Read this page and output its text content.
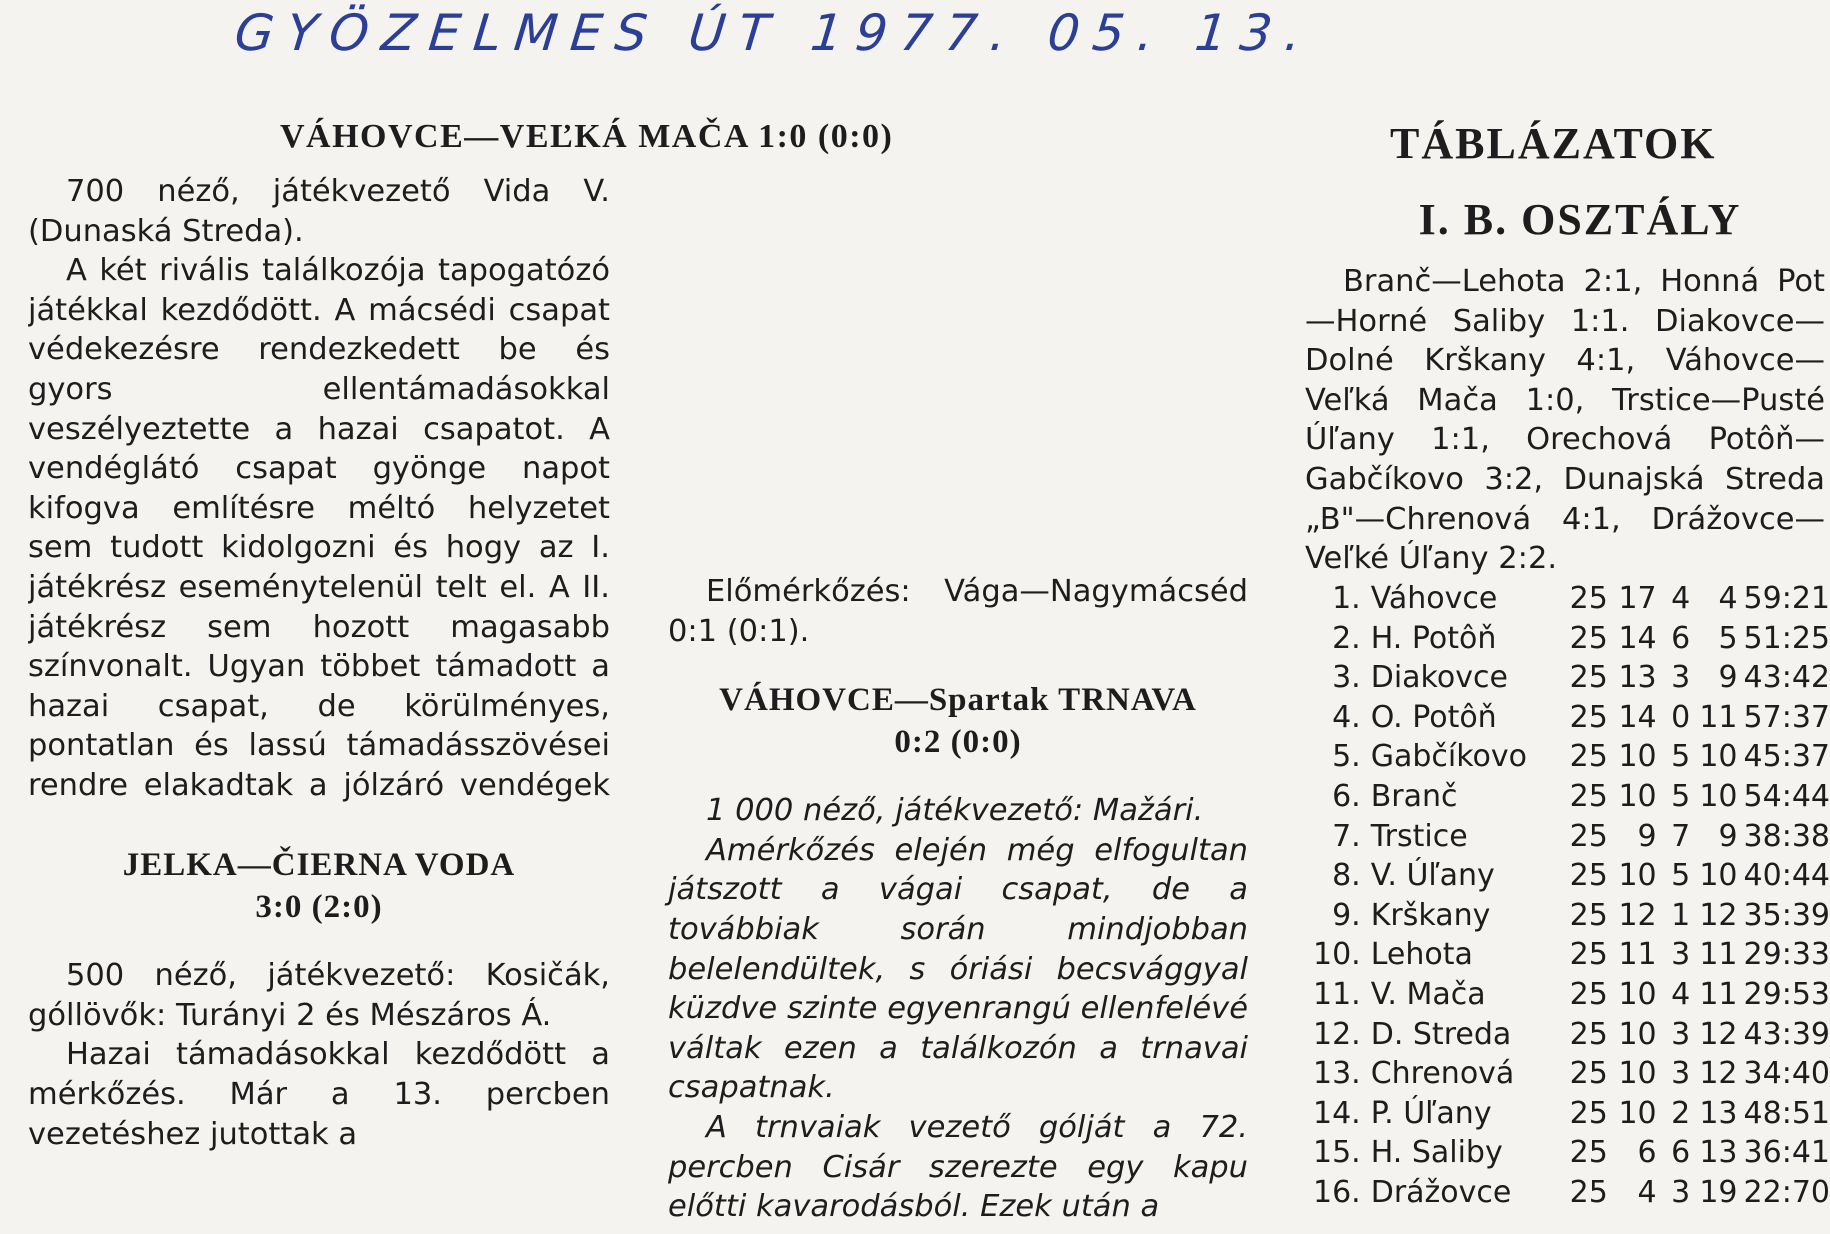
GYÖZELMES ÚT 1977. 05. 13.
VÁHOVCE—VEĽKÁ MAČA 1:0 (0:0)

700 néző, játékvezető Vida V. (Dunaská Streda).

A két rivális találkozója tapogatózó játékkal kezdődött. A mácsédi csapat védekezésre rendezkedett be és gyors ellentámadásokkal veszélyeztette a hazai csapatot. A vendéglátó csapat gyönge napot kifogva említésre méltó helyzetet sem tudott kidolgozni és hogy az I. játékrész eseménytelenül telt el. A II. játékrész sem hozott magasabb színvonalt. Ugyan többet támadott a hazai csapat, de körülményes, pontatlan és lassú támadásszövései rendre elakadtak a jólzáró vendégek

JELKA—ČIERNA VODA

3:0 (2:0)

500 néző, játékvezető: Kosičák, góllövők: Turányi 2 és Mészáros Á.

Hazai támadásokkal kezdődött a mérkőzés. Már a 13. percben vezetéshez jutottak a

Előmérkőzés: Vága—Nagymácséd 0:1 (0:1).

VÁHOVCE—Spartak TRNAVA

0:2 (0:0)

1 000 néző, játékvezető: Mažári.

Amérkőzés elején még elfogultan játszott a vágai csapat, de a továbbiak során mindjobban belelendültek, s óriási becsvággyal küzdve szinte egyenrangú ellenfelévé váltak ezen a találkozón a trnavai csapatnak.

A trnvaiak vezető gólját a 72. percben Cisár szerezte egy kapu előtti kavarodásból. Ezek után a

TÁBLÁZATOK
I. B. OSZTÁLY

Branč—Lehota 2:1, Honná Pot—Horné Saliby 1:1. Diakovce—Dolné Krškany 4:1, Váhovce—Veľká Mača 1:0, Trstice—Pusté Úľany 1:1, Orechová Potôň—Gabčíkovo 3:2, Dunajská Streda „B"—Chrenová 4:1, Drážovce—Veľké Úľany 2:2.

1.	Váhovce	25	17	4	4	59:21
2.	H. Potôň	25	14	6	5	51:25
3.	Diakovce	25	13	3	9	43:42
4.	O. Potôň	25	14	0	11	57:37
5.	Gabčíkovo	25	10	5	10	45:37
6.	Branč	25	10	5	10	54:44
7.	Trstice	25	9	7	9	38:38
8.	V. Úľany	25	10	5	10	40:44
9.	Krškany	25	12	1	12	35:39
10.	Lehota	25	11	3	11	29:33
11.	V. Mača	25	10	4	11	29:53
12.	D. Streda	25	10	3	12	43:39
13.	Chrenová	25	10	3	12	34:40
14.	P. Úľany	25	10	2	13	48:51
15.	H. Saliby	25	6	6	13	36:41
16.	Drážovce	25	4	3	19	22:70
